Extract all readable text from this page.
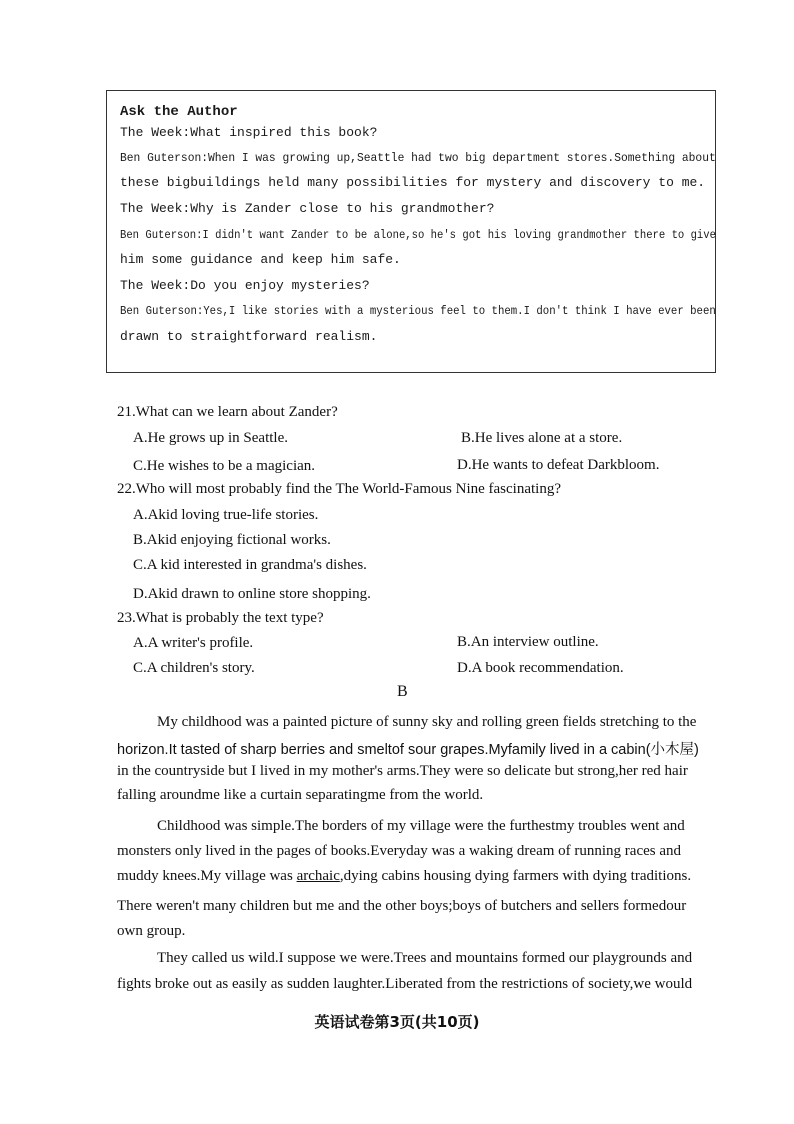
Ask the Author
The Week:What inspired this book?
Ben Guterson:When I was growing up,Seattle had two big department stores.Something about
these bigbuildings held many possibilities for mystery and discovery to me.
The Week:Why is Zander close to his grandmother?
Ben Guterson:I didn't want Zander to be alone,so he's got his loving grandmother there to give
him some guidance and keep him safe.
The Week:Do you enjoy mysteries?
Ben Guterson:Yes,I like stories with a mysterious feel to them.I don't think I have ever been
drawn to straightforward realism.
21.What can we learn about Zander?
A.He grows up in Seattle.	B.He lives alone at a store.
C.He wishes to be a magician.	D.He wants to defeat Darkbloom.
22.Who will most probably find the The World-Famous Nine fascinating?
A.Akid loving true-life stories.
B.Akid enjoying fictional works.
C.A kid interested in grandma's dishes.
D.Akid drawn to online store shopping.
23.What is probably the text type?
A.A writer's profile.	B.An interview outline.
C.A children's story.	D.A book recommendation.
B
My childhood was a painted picture of sunny sky and rolling green fields stretching to the
horizon.It tasted of sharp berries and smeltof sour grapes.Myfamily lived in a cabin(小木屋)
in the countryside but I lived in my mother's arms.They were so delicate but strong,her red hair
falling aroundme like a curtain separatingme from the world.
Childhood was simple.The borders of my village were the furthestmy troubles went and
monsters only lived in the pages of books.Everyday was a waking dream of running races and
muddy knees.My village was archaic,dying cabins housing dying farmers with dying traditions.
There weren't many children but me and the other boys;boys of butchers and sellers formedour
own group.
They called us wild.I suppose we were.Trees and mountains formed our playgrounds and
fights broke out as easily as sudden laughter.Liberated from the restrictions of society,we would
英语试卷第3页(共10页)
